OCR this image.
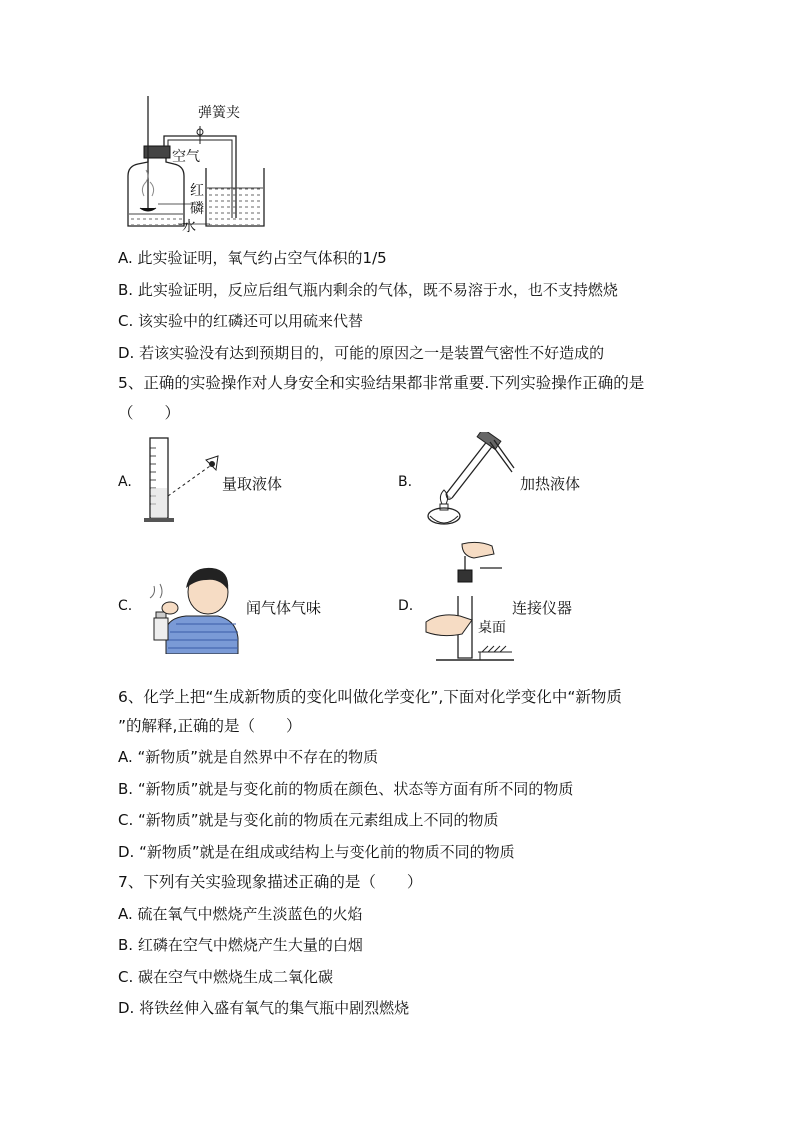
弹簧夹
空气
红
磷
水
A. 此实验证明，氧气约占空气体积的1/5
B. 此实验证明，反应后组气瓶内剩余的气体，既不易溶于水，也不支持燃烧
C. 该实验中的红磷还可以用硫来代替
D. 若该实验没有达到预期目的，可能的原因之一是装置气密性不好造成的
5、正确的实验操作对人身安全和实验结果都非常重要.下列实验操作正确的是
（　　）
A.	量取液体	B.	加热液体
C.	闻气体气味	D.	连接仪器
桌面
6、化学上把“生成新物质的变化叫做化学变化”,下面对化学变化中“新物质
”的解释,正确的是（　　）
A. “新物质”就是自然界中不存在的物质
B. “新物质”就是与变化前的物质在颜色、状态等方面有所不同的物质
C. “新物质”就是与变化前的物质在元素组成上不同的物质
D. “新物质”就是在组成或结构上与变化前的物质不同的物质
7、下列有关实验现象描述正确的是（　　）
A. 硫在氧气中燃烧产生淡蓝色的火焰
B. 红磷在空气中燃烧产生大量的白烟
C. 碳在空气中燃烧生成二氧化碳
D. 将铁丝伸入盛有氧气的集气瓶中剧烈燃烧
